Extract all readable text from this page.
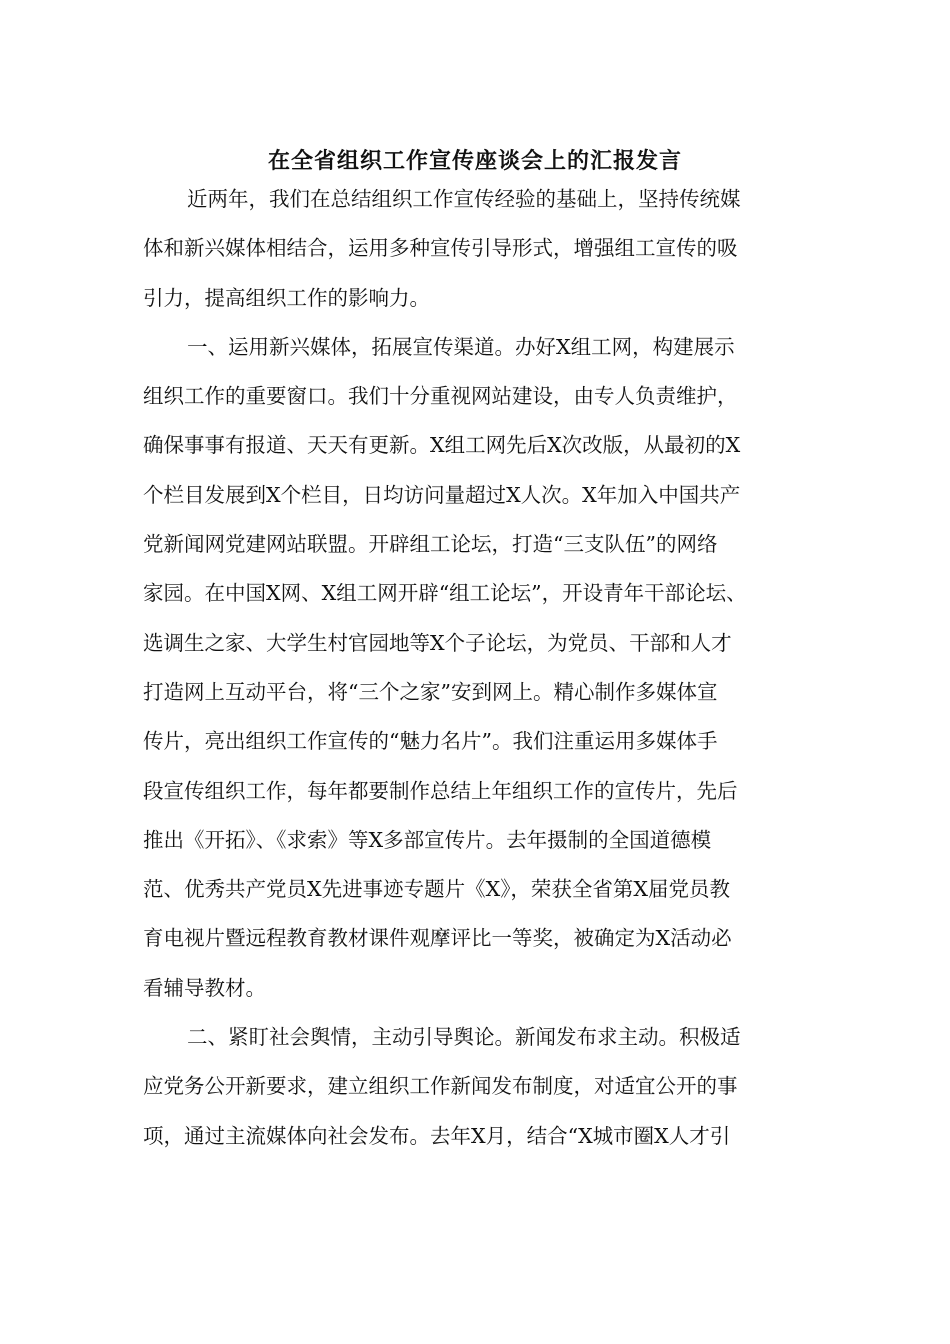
在全省组织工作宣传座谈会上的汇报发言
近两年，我们在总结组织工作宣传经验的基础上，坚持传统媒
体和新兴媒体相结合，运用多种宣传引导形式，增强组工宣传的吸
引力，提高组织工作的影响力。
一、运用新兴媒体，拓展宣传渠道。办好X组工网，构建展示
组织工作的重要窗口。我们十分重视网站建设，由专人负责维护，
确保事事有报道、天天有更新。X组工网先后X次改版，从最初的X
个栏目发展到X个栏目，日均访问量超过X人次。X年加入中国共产
党新闻网党建网站联盟。开辟组工论坛，打造“三支队伍”的网络
家园。在中国X网、X组工网开辟“组工论坛”，开设青年干部论坛、
选调生之家、大学生村官园地等X个子论坛，为党员、干部和人才
打造网上互动平台，将“三个之家”安到网上。精心制作多媒体宣
传片，亮出组织工作宣传的“魅力名片”。我们注重运用多媒体手
段宣传组织工作，每年都要制作总结上年组织工作的宣传片，先后
推出《开拓》、《求索》等X多部宣传片。去年摄制的全国道德模
范、优秀共产党员X先进事迹专题片《X》，荣获全省第X届党员教
育电视片暨远程教育教材课件观摩评比一等奖，被确定为X活动必
看辅导教材。
二、紧盯社会舆情，主动引导舆论。新闻发布求主动。积极适
应党务公开新要求，建立组织工作新闻发布制度，对适宜公开的事
项，通过主流媒体向社会发布。去年X月，结合“X城市圈X人才引
